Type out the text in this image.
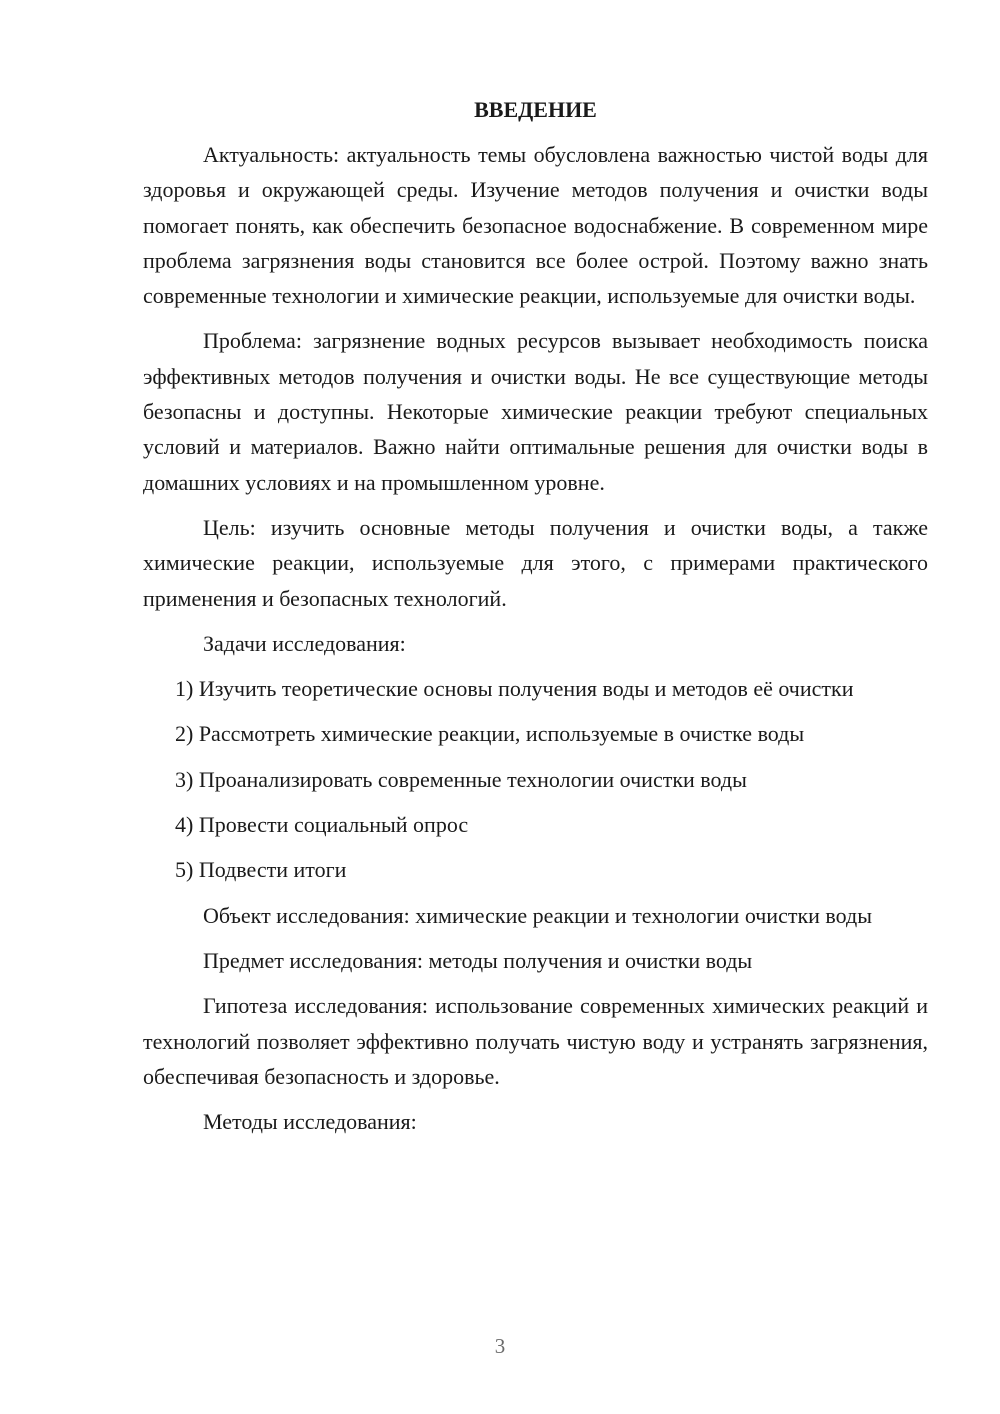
ВВЕДЕНИЕ

Актуальность: актуальность темы обусловлена важностью чистой воды для здоровья и окружающей среды. Изучение методов получения и очистки воды помогает понять, как обеспечить безопасное водоснабжение. В современном мире проблема загрязнения воды становится все более острой. Поэтому важно знать современные технологии и химические реакции, используемые для очистки воды.

Проблема: загрязнение водных ресурсов вызывает необходимость поиска эффективных методов получения и очистки воды. Не все существующие методы безопасны и доступны. Некоторые химические реакции требуют специальных условий и материалов. Важно найти оптимальные решения для очистки воды в домашних условиях и на промышленном уровне.

Цель: изучить основные методы получения и очистки воды, а также химические реакции, используемые для этого, с примерами практического применения и безопасных технологий.

Задачи исследования:

1) Изучить теоретические основы получения воды и методов её очистки

2) Рассмотреть химические реакции, используемые в очистке воды

3) Проанализировать современные технологии очистки воды

4) Провести социальный опрос

5) Подвести итоги

Объект исследования: химические реакции и технологии очистки воды

Предмет исследования: методы получения и очистки воды

Гипотеза исследования: использование современных химических реакций и технологий позволяет эффективно получать чистую воду и устранять загрязнения, обеспечивая безопасность и здоровье.

Методы исследования:

3
